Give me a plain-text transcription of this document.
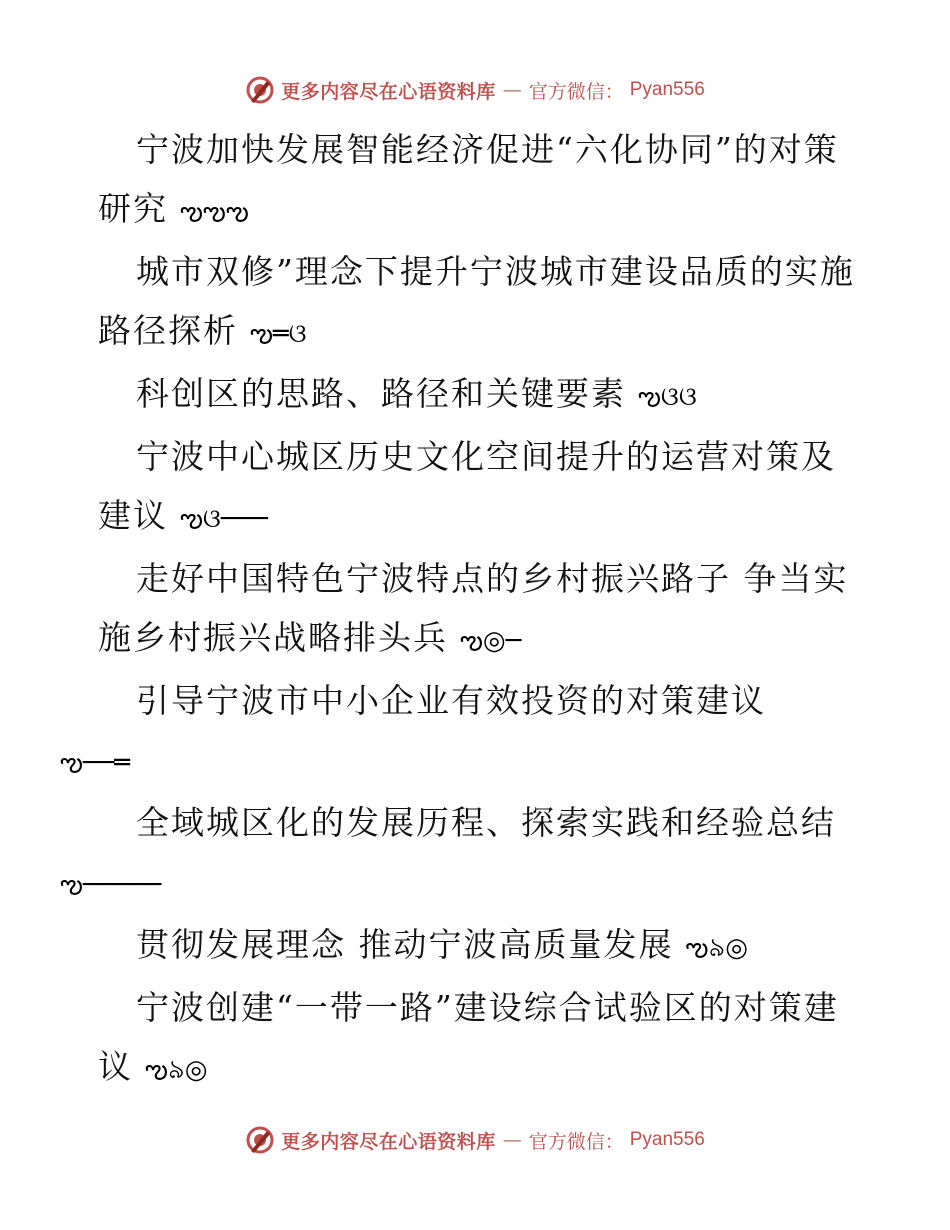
更多内容尽在心语资料库 — 官方微信： Pyan556

宁波加快发展智能经济促进“六化协同”的对策研究 ఌఌఌ

城市双修”理念下提升宁波城市建设品质的实施路径探析 ఌ═ଓ

科创区的思路、路径和关键要素 ఌଓଓ

宁波中心城区历史文化空间提升的运营对策及建议 ఌଓ───

走好中国特色宁波特点的乡村振兴路子 争当实施乡村振兴战略排头兵 ఌ◎─

引导宁波市中小企业有效投资的对策建议
ఌ──═

全域城区化的发展历程、探索实践和经验总结
ఌ─────

贯彻发展理念 推动宁波高质量发展 ఌ৯◎

宁波创建“一带一路”建设综合试验区的对策建议 ఌ৯◎

更多内容尽在心语资料库 — 官方微信： Pyan556
